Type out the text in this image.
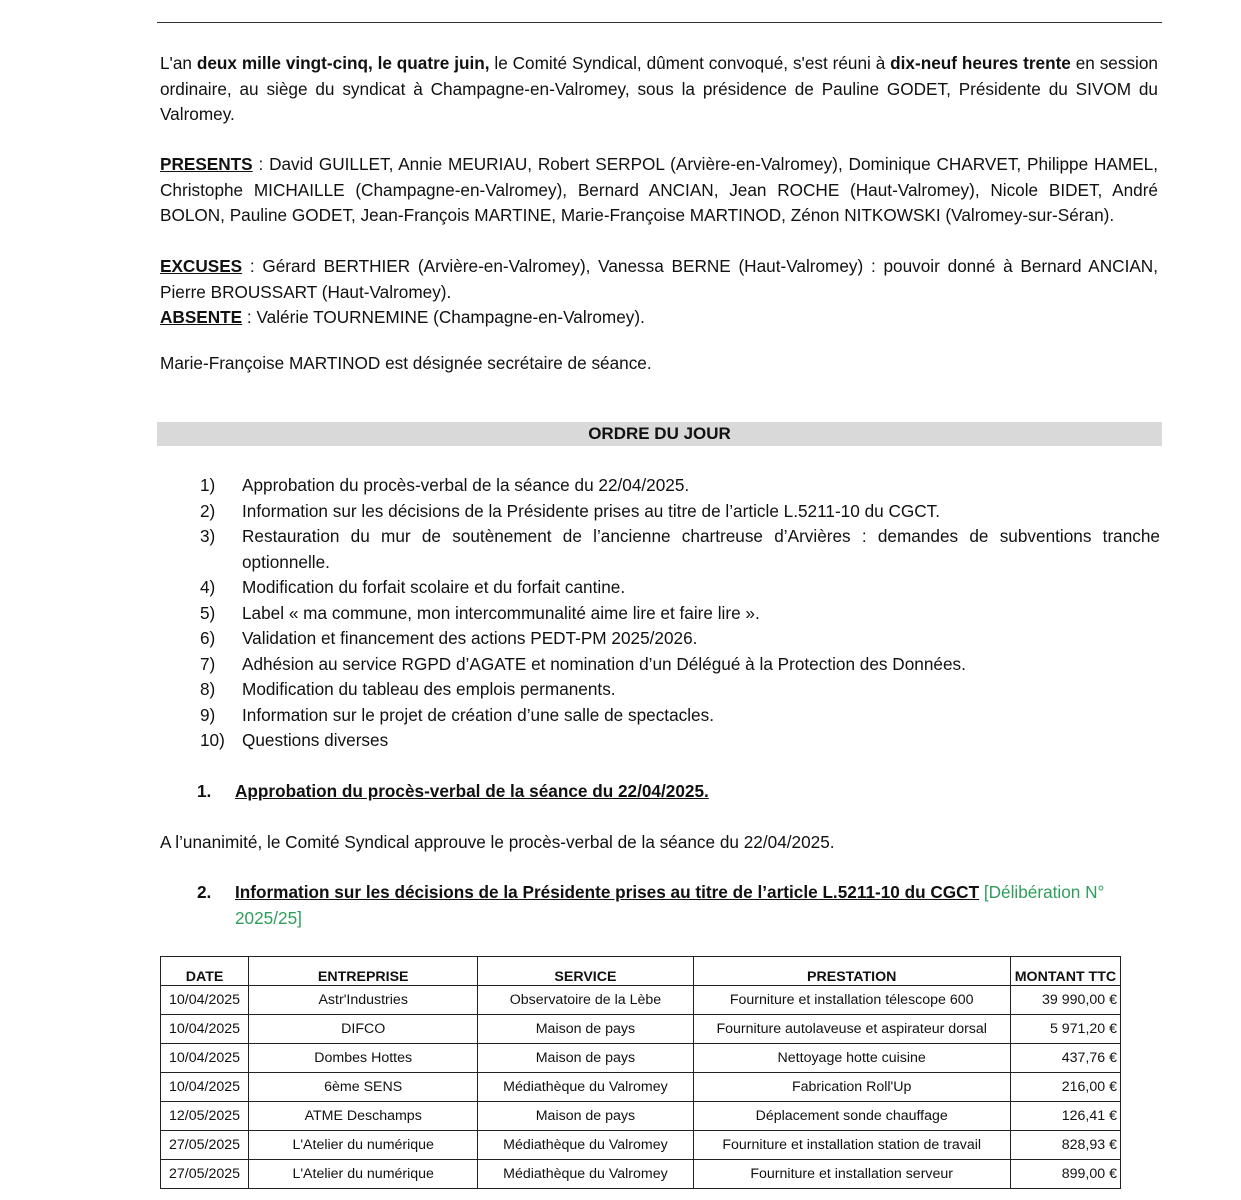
L'an deux mille vingt-cinq, le quatre juin, le Comité Syndical, dûment convoqué, s'est réuni à dix-neuf heures trente en session ordinaire, au siège du syndicat à Champagne-en-Valromey, sous la présidence de Pauline GODET, Présidente du SIVOM du Valromey.

PRESENTS : David GUILLET, Annie MEURIAU, Robert SERPOL (Arvière-en-Valromey), Dominique CHARVET, Philippe HAMEL, Christophe MICHAILLE (Champagne-en-Valromey), Bernard ANCIAN, Jean ROCHE (Haut-Valromey), Nicole BIDET, André BOLON, Pauline GODET, Jean-François MARTINE, Marie-Françoise MARTINOD, Zénon NITKOWSKI (Valromey-sur-Séran).

EXCUSES : Gérard BERTHIER (Arvière-en-Valromey), Vanessa BERNE (Haut-Valromey) : pouvoir donné à Bernard ANCIAN, Pierre BROUSSART (Haut-Valromey).

ABSENTE : Valérie TOURNEMINE (Champagne-en-Valromey).

Marie-Françoise MARTINOD est désignée secrétaire de séance.

ORDRE DU JOUR
1)	Approbation du procès-verbal de la séance du 22/04/2025.
2)	Information sur les décisions de la Présidente prises au titre de l’article L.5211-10 du CGCT.
3)	Restauration du mur de soutènement de l’ancienne chartreuse d’Arvières : demandes de subventions tranche optionnelle.
4)	Modification du forfait scolaire et du forfait cantine.
5)	Label « ma commune, mon intercommunalité aime lire et faire lire ».
6)	Validation et financement des actions PEDT-PM 2025/2026.
7)	Adhésion au service RGPD d’AGATE et nomination d’un Délégué à la Protection des Données.
8)	Modification du tableau des emplois permanents.
9)	Information sur le projet de création d’une salle de spectacles.
10) Questions diverses
1.	Approbation du procès-verbal de la séance du 22/04/2025.

A l’unanimité, le Comité Syndical approuve le procès-verbal de la séance du 22/04/2025.

2.	Information sur les décisions de la Présidente prises au titre de l’article L.5211-10 du CGCT [Délibération N° 2025/25]
DATE	ENTREPRISE	SERVICE	PRESTATION	MONTANT TTC
10/04/2025	Astr'Industries	Observatoire de la Lèbe	Fourniture et installation télescope 600	39 990,00 €
10/04/2025	DIFCO	Maison de pays	Fourniture autolaveuse et aspirateur dorsal	5 971,20 €
10/04/2025	Dombes Hottes	Maison de pays	Nettoyage hotte cuisine	437,76 €
10/04/2025	6ème SENS	Médiathèque du Valromey	Fabrication Roll'Up	216,00 €
12/05/2025	ATME Deschamps	Maison de pays	Déplacement sonde chauffage	126,41 €
27/05/2025	L'Atelier du numérique	Médiathèque du Valromey	Fourniture et installation station de travail	828,93 €
27/05/2025	L'Atelier du numérique	Médiathèque du Valromey	Fourniture et installation serveur	899,00 €
